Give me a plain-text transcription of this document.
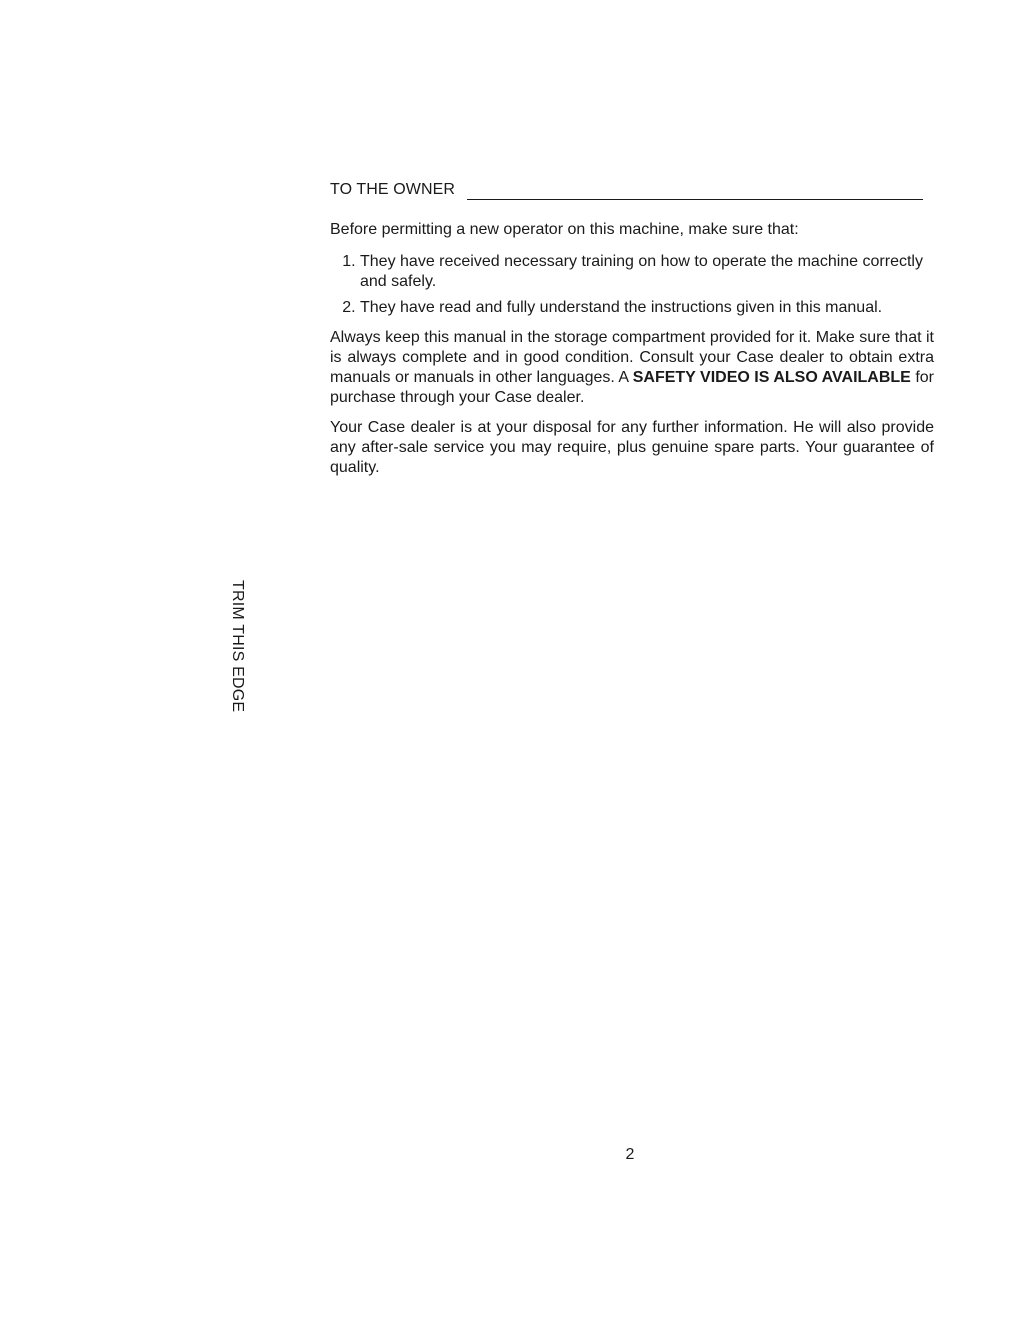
TO THE OWNER

Before permitting a new operator on this machine, make sure that:

1. They have received necessary training on how to operate the machine correctly and safely.
2. They have read and fully understand the instructions given in this manual.

Always keep this manual in the storage compartment provided for it. Make sure that it is always complete and in good condition. Consult your Case dealer to obtain extra manuals or manuals in other languages. A SAFETY VIDEO IS ALSO AVAILABLE for purchase through your Case dealer.

Your Case dealer is at your disposal for any further information. He will also provide any after-sale service you may require, plus genuine spare parts. Your guarantee of quality.

TRIM THIS EDGE
2
